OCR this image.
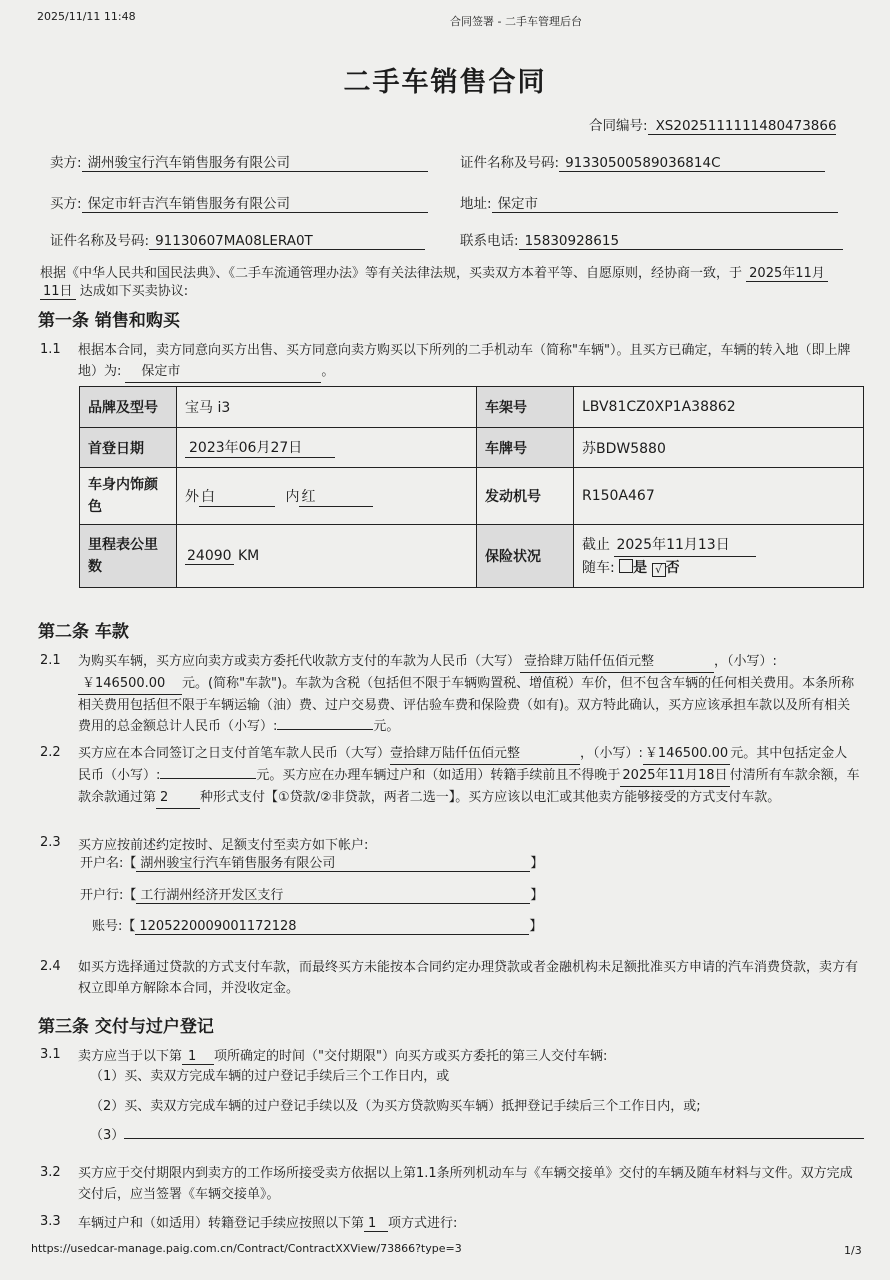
2025/11/11 11:48	合同签署 - 二手车管理后台
二手车销售合同
合同编号: XS2025111111480473866
卖方: 湖州骏宝行汽车销售服务有限公司	证件名称及号码: 91330500589036814C
买方: 保定市轩吉汽车销售服务有限公司	地址: 保定市
证件名称及号码: 91130607MA08LERA0T	联系电话: 15830928615
根据《中华人民共和国民法典》、《二手车流通管理办法》等有关法律法规，买卖双方本着平等、自愿原则，经协商一致，于 2025年11月
11日 达成如下买卖协议:
第一条 销售和购买
1.1 根据本合同，卖方同意向买方出售、买方同意向卖方购买以下所列的二手机动车（简称"车辆"）。且买方已确定，车辆的转入地（即上牌地）为: 保定市	。
品牌及型号	宝马 i3	车架号	LBV81CZ0XP1A38862
首登日期	2023年06月27日	车牌号	苏BDW5880
车身内饰颜色	外 白 内 红	发动机号	R150A467
里程表公里数	24090 KM	保险状况	截止 2025年11月13日
随车: 是 √ 否
第二条 车款
2.1 为购买车辆，买方应向卖方或卖方委托代收款方支付的车款为人民币（大写） 壹拾肆万陆仟伍佰元整	，（小写）:￥146500.00 元。(简称"车款")。车款为含税（包括但不限于车辆购置税、增值税）车价，但不包含车辆的任何相关费用。本条所称相关费用包括但不限于车辆运输（油）费、过户交易费、评估验车费和保险费（如有)。双方特此确认，买方应该承担车款以及所有相关费用的总金额总计人民币（小写）:	元。
2.2 买方应在本合同签订之日支付首笔车款人民币（大写）壹拾肆万陆仟伍佰元整	，（小写）: ￥146500.00 元。其中包括定金人民币（小写）:	元。买方应在办理车辆过户和（如适用）转籍手续前且不得晚于 2025年11月18日 付清所有车款余额，车款余款通过第 2 种形式支付【①贷款/②非贷款，两者二选一】。买方应该以电汇或其他卖方能够接受的方式支付车款。
2.3 买方应按前述约定按时、足额支付至卖方如下帐户:
开户名:【 湖州骏宝行汽车销售服务有限公司	】
开户行:【 工行湖州经济开发区支行	】
账号:【 1205220009001172128	】
2.4 如买方选择通过贷款的方式支付车款，而最终买方未能按本合同约定办理贷款或者金融机构未足额批准买方申请的汽车消费贷款，卖方有权立即单方解除本合同，并没收定金。
第三条 交付与过户登记
3.1 卖方应当于以下第 1 项所确定的时间（"交付期限"）向买方或买方委托的第三人交付车辆:
（1）买、卖双方完成车辆的过户登记手续后三个工作日内，或
（2）买、卖双方完成车辆的过户登记手续以及（为买方贷款购买车辆）抵押登记手续后三个工作日内，或;
（3）
3.2 买方应于交付期限内到卖方的工作场所接受卖方依据以上第1.1条所列机动车与《车辆交接单》交付的车辆及随车材料与文件。双方完成交付后，应当签署《车辆交接单》。
3.3 车辆过户和（如适用）转籍登记手续应按照以下第 1 项方式进行:
https://usedcar-manage.paig.com.cn/Contract/ContractXXView/73866?type=3	1/3
